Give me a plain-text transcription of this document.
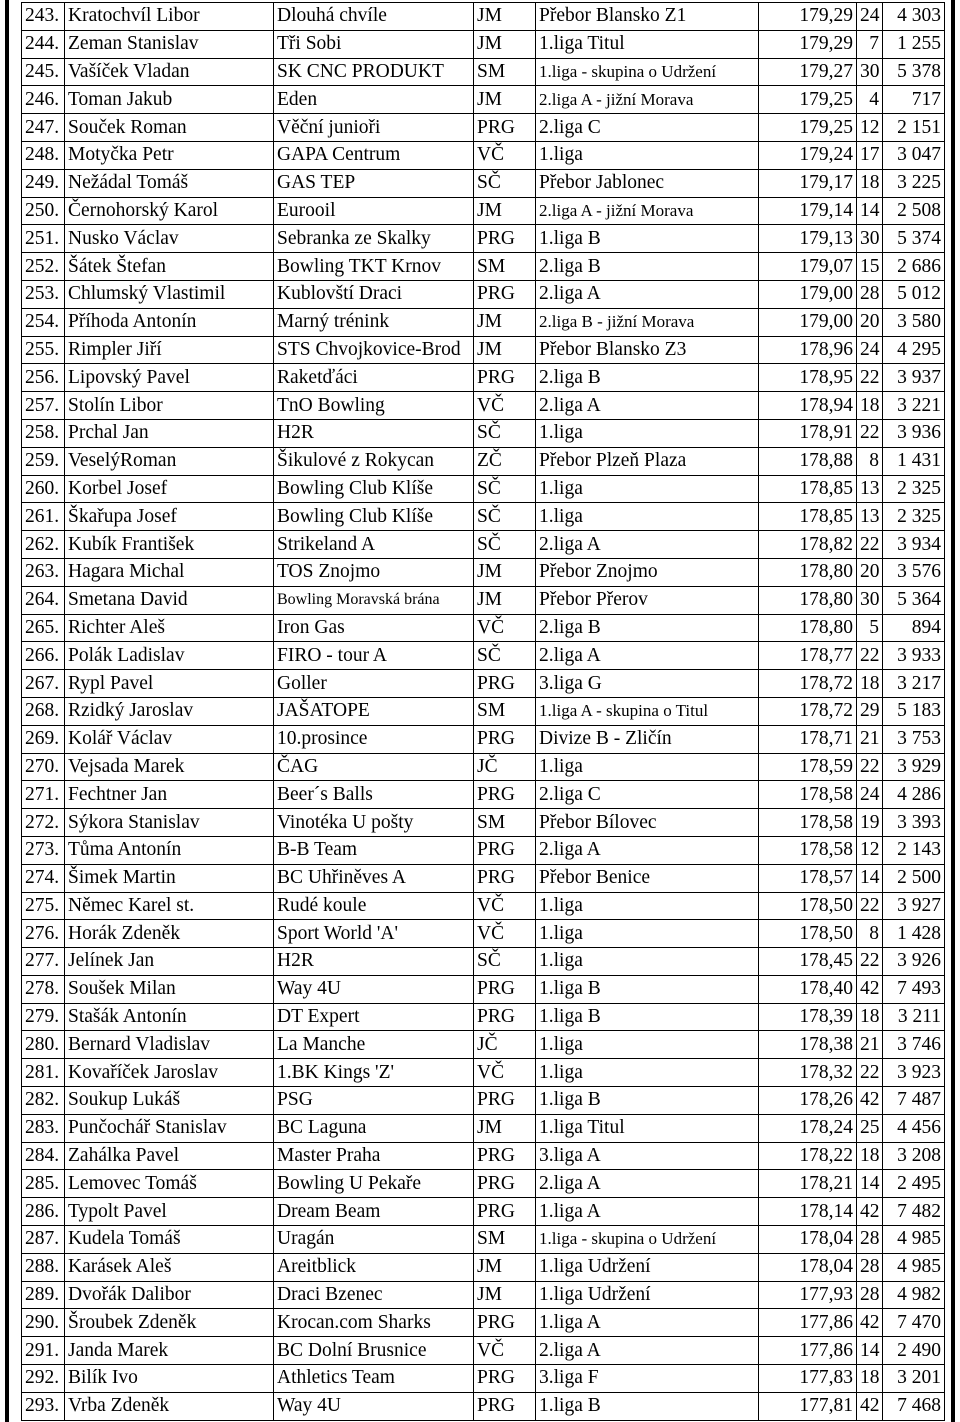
243.	Kratochvíl Libor	Dlouhá chvíle	JM	Přebor Blansko Z1	179,29	24	4 303
244.	Zeman Stanislav	Tři Sobi	JM	1.liga Titul	179,29	7	1 255
245.	Vašíček Vladan	SK CNC PRODUKT	SM	1.liga - skupina o Udržení	179,27	30	5 378
246.	Toman Jakub	Eden	JM	2.liga A - jižní Morava	179,25	4	717
247.	Souček Roman	Věční junioři	PRG	2.liga C	179,25	12	2 151
248.	Motyčka Petr	GAPA Centrum	VČ	1.liga	179,24	17	3 047
249.	Nežádal Tomáš	GAS TEP	SČ	Přebor Jablonec	179,17	18	3 225
250.	Černohorský Karol	Eurooil	JM	2.liga A - jižní Morava	179,14	14	2 508
251.	Nusko Václav	Sebranka ze Skalky	PRG	1.liga B	179,13	30	5 374
252.	Šátek Štefan	Bowling TKT Krnov	SM	2.liga B	179,07	15	2 686
253.	Chlumský Vlastimil	Kublovští Draci	PRG	2.liga A	179,00	28	5 012
254.	Příhoda Antonín	Marný trénink	JM	2.liga B - jižní Morava	179,00	20	3 580
255.	Rimpler Jiří	STS Chvojkovice-Brod	JM	Přebor Blansko Z3	178,96	24	4 295
256.	Lipovský Pavel	Raketďáci	PRG	2.liga B	178,95	22	3 937
257.	Stolín Libor	TnO Bowling	VČ	2.liga A	178,94	18	3 221
258.	Prchal Jan	H2R	SČ	1.liga	178,91	22	3 936
259.	VeselýRoman	Šikulové z Rokycan	ZČ	Přebor Plzeň Plaza	178,88	8	1 431
260.	Korbel Josef	Bowling Club Klíše	SČ	1.liga	178,85	13	2 325
261.	Škařupa Josef	Bowling Club Klíše	SČ	1.liga	178,85	13	2 325
262.	Kubík František	Strikeland A	SČ	2.liga A	178,82	22	3 934
263.	Hagara Michal	TOS Znojmo	JM	Přebor Znojmo	178,80	20	3 576
264.	Smetana David	Bowling Moravská brána	JM	Přebor Přerov	178,80	30	5 364
265.	Richter Aleš	Iron Gas	VČ	2.liga B	178,80	5	894
266.	Polák Ladislav	FIRO - tour A	SČ	2.liga A	178,77	22	3 933
267.	Rypl Pavel	Goller	PRG	3.liga G	178,72	18	3 217
268.	Rzidký Jaroslav	JAŠATOPE	SM	1.liga A - skupina o Titul	178,72	29	5 183
269.	Kolář Václav	10.prosince	PRG	Divize B - Zličín	178,71	21	3 753
270.	Vejsada Marek	ČAG	JČ	1.liga	178,59	22	3 929
271.	Fechtner Jan	Beer´s Balls	PRG	2.liga C	178,58	24	4 286
272.	Sýkora Stanislav	Vinotéka U pošty	SM	Přebor Bílovec	178,58	19	3 393
273.	Tůma Antonín	B-B Team	PRG	2.liga A	178,58	12	2 143
274.	Šimek Martin	BC Uhřiněves A	PRG	Přebor Benice	178,57	14	2 500
275.	Němec Karel st.	Rudé koule	VČ	1.liga	178,50	22	3 927
276.	Horák Zdeněk	Sport World 'A'	VČ	1.liga	178,50	8	1 428
277.	Jelínek Jan	H2R	SČ	1.liga	178,45	22	3 926
278.	Soušek Milan	Way 4U	PRG	1.liga B	178,40	42	7 493
279.	Stašák Antonín	DT Expert	PRG	1.liga B	178,39	18	3 211
280.	Bernard Vladislav	La Manche	JČ	1.liga	178,38	21	3 746
281.	Kovaříček Jaroslav	1.BK Kings 'Z'	VČ	1.liga	178,32	22	3 923
282.	Soukup Lukáš	PSG	PRG	1.liga B	178,26	42	7 487
283.	Punčochář Stanislav	BC Laguna	JM	1.liga Titul	178,24	25	4 456
284.	Zahálka Pavel	Master Praha	PRG	3.liga A	178,22	18	3 208
285.	Lemovec Tomáš	Bowling U Pekaře	PRG	2.liga A	178,21	14	2 495
286.	Typolt Pavel	Dream Beam	PRG	1.liga A	178,14	42	7 482
287.	Kudela Tomáš	Uragán	SM	1.liga - skupina o Udržení	178,04	28	4 985
288.	Karásek Aleš	Areitblick	JM	1.liga Udržení	178,04	28	4 985
289.	Dvořák Dalibor	Draci Bzenec	JM	1.liga Udržení	177,93	28	4 982
290.	Šroubek Zdeněk	Krocan.com Sharks	PRG	1.liga A	177,86	42	7 470
291.	Janda Marek	BC Dolní Brusnice	VČ	2.liga A	177,86	14	2 490
292.	Bilík Ivo	Athletics Team	PRG	3.liga F	177,83	18	3 201
293.	Vrba Zdeněk	Way 4U	PRG	1.liga B	177,81	42	7 468
